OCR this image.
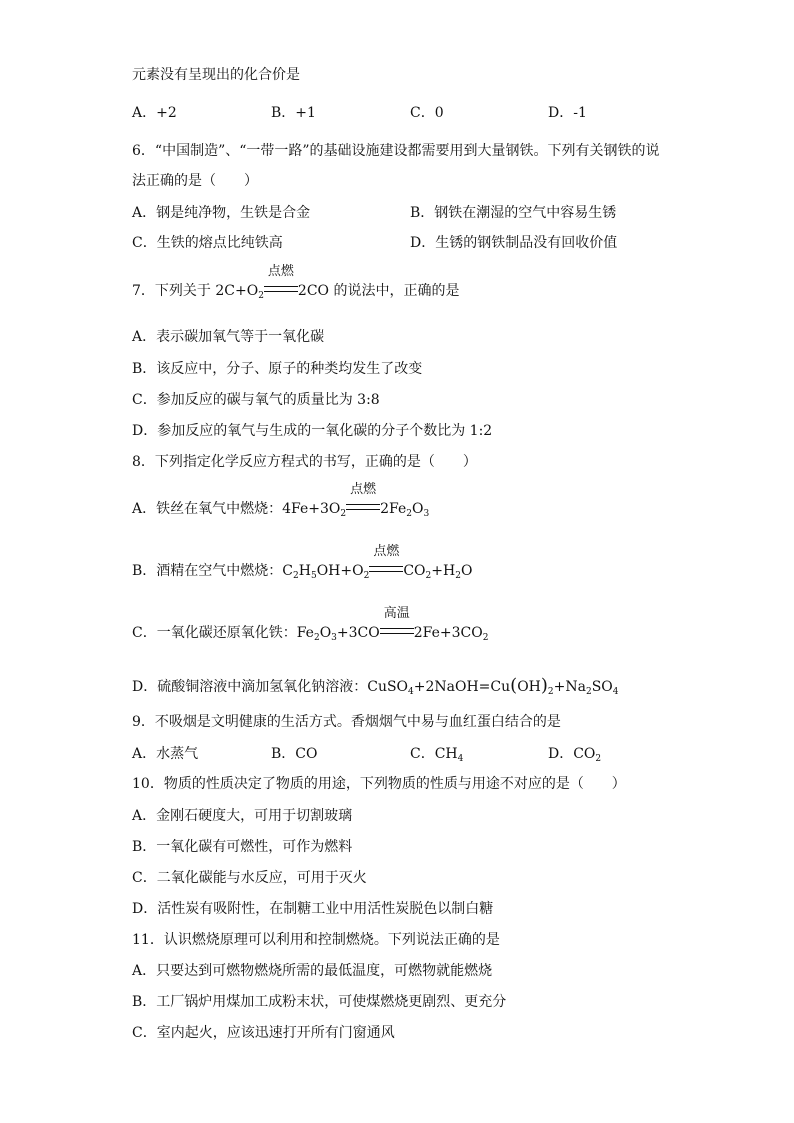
元素没有呈现出的化合价是
A．+2	B．+1	C．0	D．-1
6．“中国制造”、“一带一路”的基础设施建设都需要用到大量钢铁。下列有关钢铁的说
法正确的是（　　）
A．钢是纯净物，生铁是合金	B．钢铁在潮湿的空气中容易生锈
C．生铁的熔点比纯铁高	D．生锈的钢铁制品没有回收价值
7．下列关于 $2C+O_2$
点燃
2CO 的说法中，正确的是
A．表示碳加氧气等于一氧化碳
B．该反应中，分子、原子的种类均发生了改变
C．参加反应的碳与氧气的质量比为 3:8
D．参加反应的氧气与生成的一氧化碳的分子个数比为 1:2
8．下列指定化学反应方程式的书写，正确的是（　　）
A．铁丝在氧气中燃烧：$4Fe+3O_2$
点燃
$2Fe_2O_3$
B．酒精在空气中燃烧：$C_2H_5OH+O_2$
点燃
$CO_2+H_2O$
C．一氧化碳还原氧化铁：$Fe_2O_3+3CO$
高温
$2Fe+3CO_2$
D．硫酸铜溶液中滴加氢氧化钠溶液：$CuSO_4+2NaOH=Cu(OH)_2+Na_2SO_4$
9．不吸烟是文明健康的生活方式。香烟烟气中易与血红蛋白结合的是
A．水蒸气	B．CO	C．$CH_4$	D．$CO_2$
10．物质的性质决定了物质的用途，下列物质的性质与用途不对应的是（　　）
A．金刚石硬度大，可用于切割玻璃
B．一氧化碳有可燃性，可作为燃料
C．二氧化碳能与水反应，可用于灭火
D．活性炭有吸附性，在制糖工业中用活性炭脱色以制白糖
11．认识燃烧原理可以利用和控制燃烧。下列说法正确的是
A．只要达到可燃物燃烧所需的最低温度，可燃物就能燃烧
B．工厂锅炉用煤加工成粉末状，可使煤燃烧更剧烈、更充分
C．室内起火，应该迅速打开所有门窗通风
